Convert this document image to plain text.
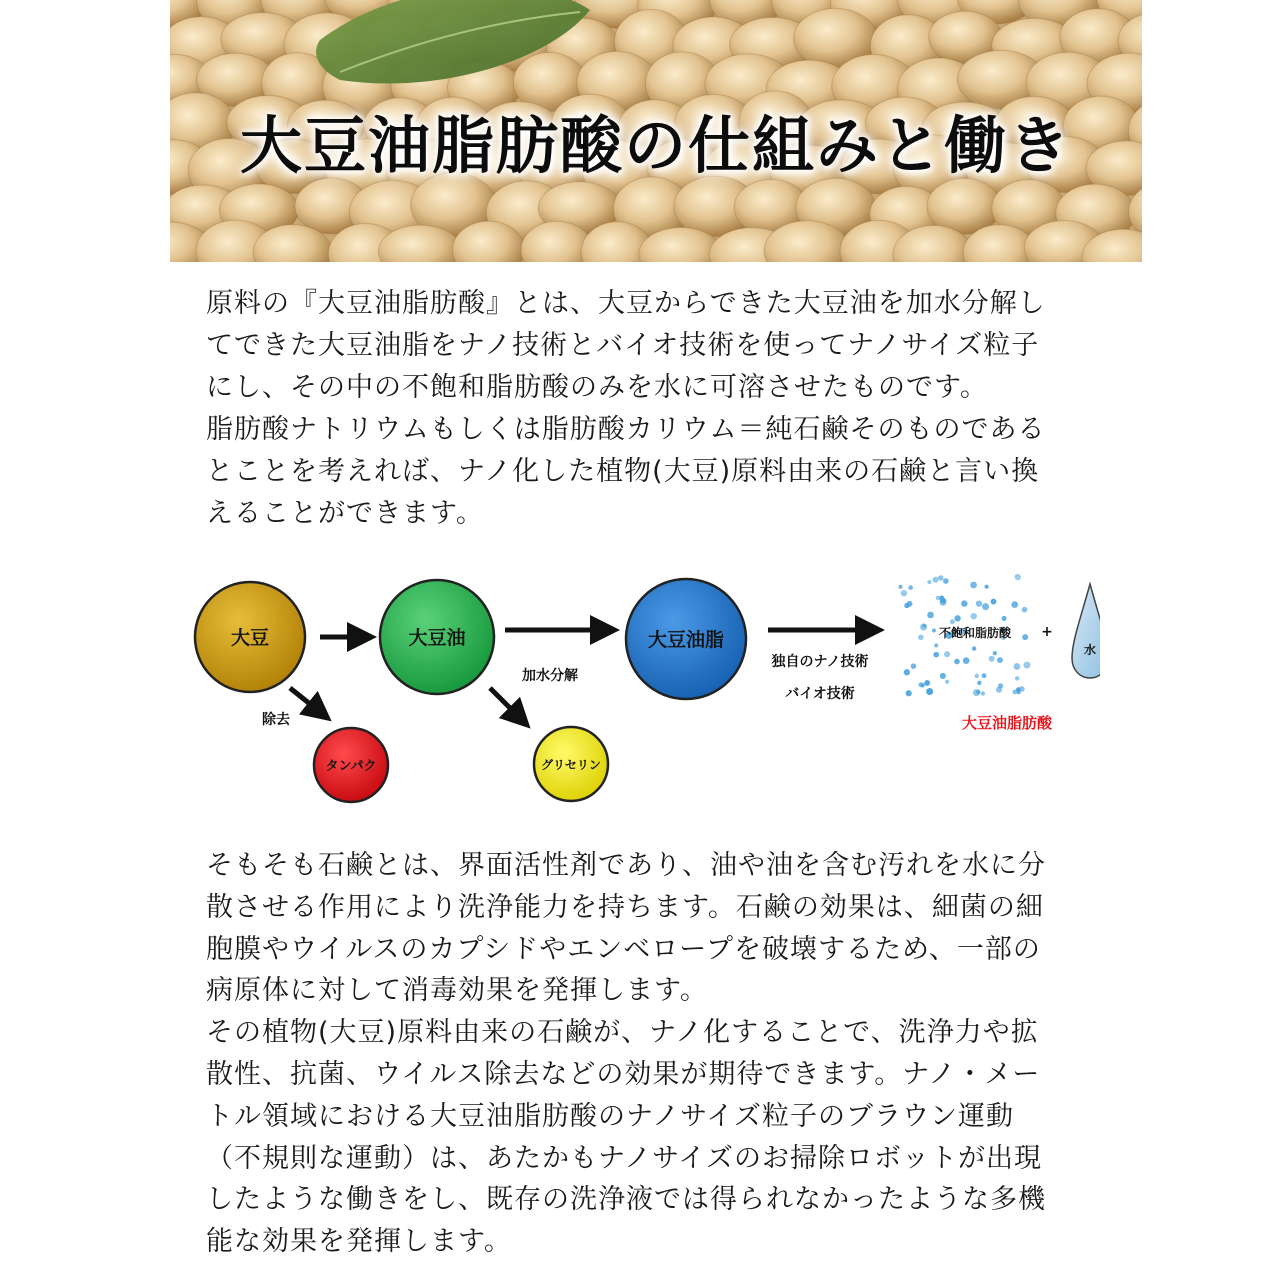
大豆油脂肪酸の仕組みと働き

原料の『大豆油脂肪酸』とは、大豆からできた大豆油を加水分解し
てできた大豆油脂をナノ技術とバイオ技術を使ってナノサイズ粒子
にし、その中の不飽和脂肪酸のみを水に可溶させたものです。
脂肪酸ナトリウムもしくは脂肪酸カリウム＝純石鹸そのものである
とことを考えれば、ナノ化した植物(大豆)原料由来の石鹸と言い換
えることができます。

大豆	大豆油
加水分解
大豆油脂
独自のナノ技術
バイオ技術
除去
タンパク	グリセリン
不飽和脂肪酸 +
大豆油脂肪酸
水

そもそも石鹸とは、界面活性剤であり、油や油を含む汚れを水に分
散させる作用により洗浄能力を持ちます。石鹸の効果は、細菌の細
胞膜やウイルスのカプシドやエンベロープを破壊するため、一部の
病原体に対して消毒効果を発揮します。
その植物(大豆)原料由来の石鹸が、ナノ化することで、洗浄力や拡
散性、抗菌、ウイルス除去などの効果が期待できます。ナノ・メー
トル領域における大豆油脂肪酸のナノサイズ粒子のブラウン運動
（不規則な運動）は、あたかもナノサイズのお掃除ロボットが出現
したような働きをし、既存の洗浄液では得られなかったような多機
能な効果を発揮します。
